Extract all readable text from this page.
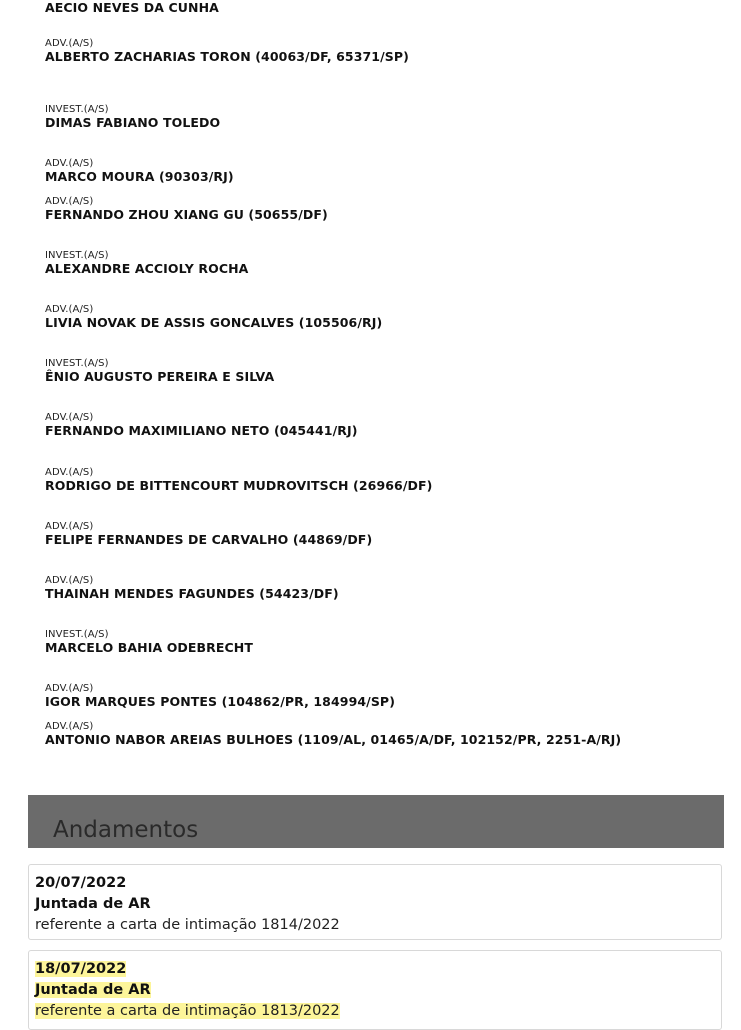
AECIO NEVES DA CUNHA
ADV.(A/S)
ALBERTO ZACHARIAS TORON (40063/DF, 65371/SP)
INVEST.(A/S)
DIMAS FABIANO TOLEDO
ADV.(A/S)
MARCO MOURA (90303/RJ)
ADV.(A/S)
FERNANDO ZHOU XIANG GU (50655/DF)
INVEST.(A/S)
ALEXANDRE ACCIOLY ROCHA
ADV.(A/S)
LIVIA NOVAK DE ASSIS GONCALVES (105506/RJ)
INVEST.(A/S)
ÊNIO AUGUSTO PEREIRA E SILVA
ADV.(A/S)
FERNANDO MAXIMILIANO NETO (045441/RJ)
ADV.(A/S)
RODRIGO DE BITTENCOURT MUDROVITSCH (26966/DF)
ADV.(A/S)
FELIPE FERNANDES DE CARVALHO (44869/DF)
ADV.(A/S)
THAINAH MENDES FAGUNDES (54423/DF)
INVEST.(A/S)
MARCELO BAHIA ODEBRECHT
ADV.(A/S)
IGOR MARQUES PONTES (104862/PR, 184994/SP)
ADV.(A/S)
ANTONIO NABOR AREIAS BULHOES (1109/AL, 01465/A/DF, 102152/PR, 2251-A/RJ)
Andamentos
20/07/2022
Juntada de AR
referente a carta de intimação 1814/2022
18/07/2022
Juntada de AR
referente a carta de intimação 1813/2022
